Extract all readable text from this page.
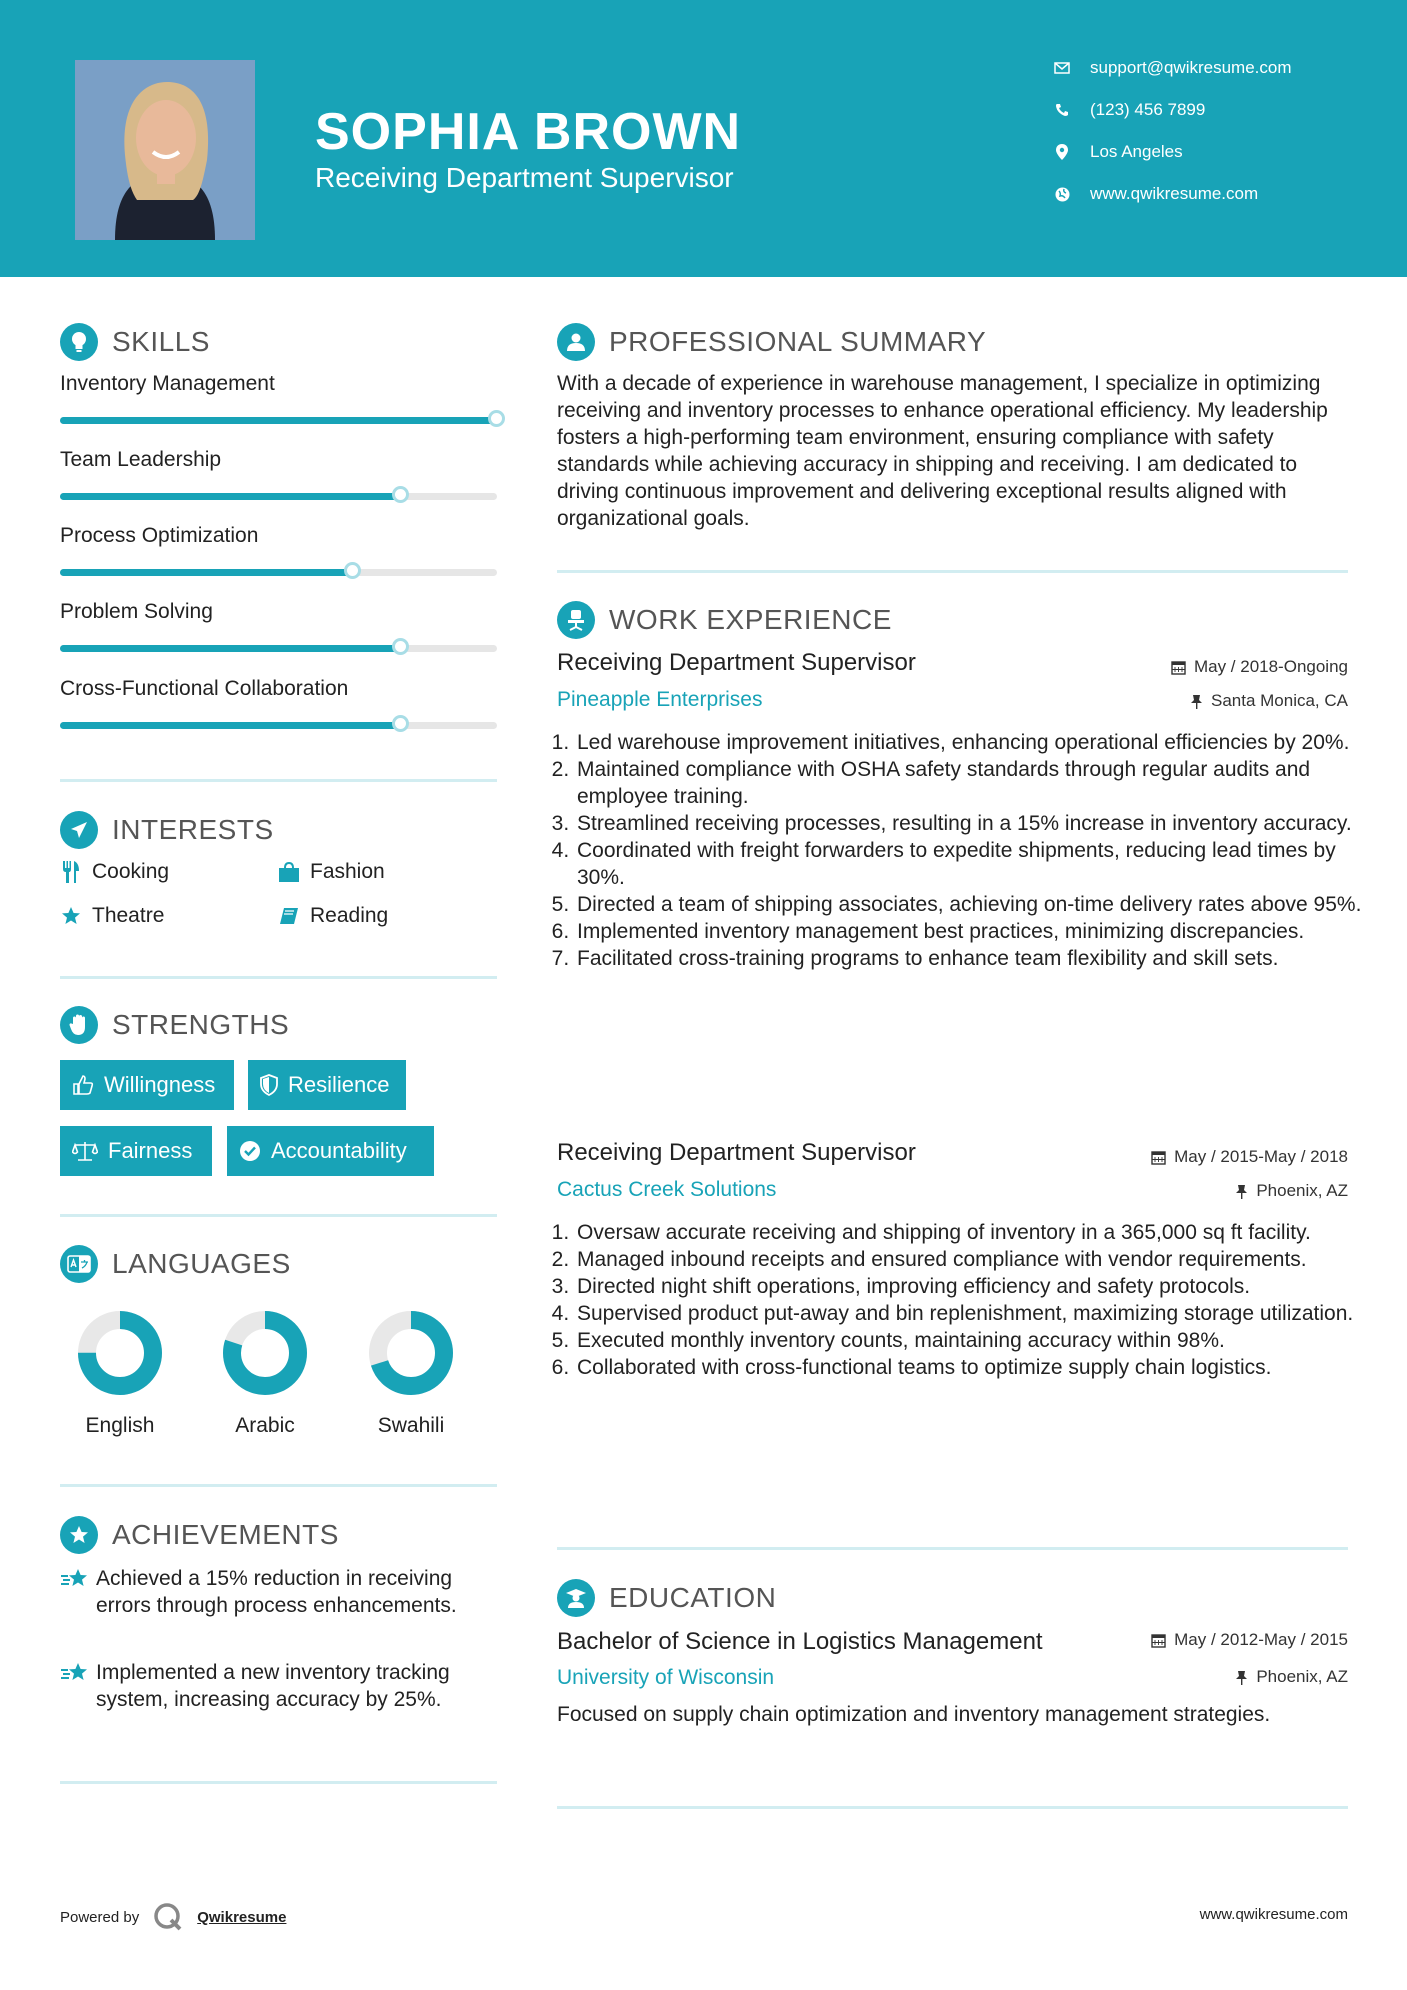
SOPHIA BROWN
Receiving Department Supervisor
support@qwikresume.com
(123) 456 7899
Los Angeles
www.qwikresume.com
SKILLS
Inventory Management
Team Leadership
Process Optimization
Problem Solving
Cross-Functional Collaboration
INTERESTS
Cooking	Fashion
Theatre	Reading
STRENGTHS
Willingness	Resilience
Fairness	Accountability
LANGUAGES
English	Arabic	Swahili
ACHIEVEMENTS
Achieved a 15% reduction in receiving errors through process enhancements.
Implemented a new inventory tracking system, increasing accuracy by 25%.
PROFESSIONAL SUMMARY
With a decade of experience in warehouse management, I specialize in optimizing receiving and inventory processes to enhance operational efficiency. My leadership fosters a high-performing team environment, ensuring compliance with safety standards while achieving accuracy in shipping and receiving. I am dedicated to driving continuous improvement and delivering exceptional results aligned with organizational goals.
WORK EXPERIENCE
Receiving Department Supervisor	May / 2018-Ongoing
Pineapple Enterprises	Santa Monica, CA
1. Led warehouse improvement initiatives, enhancing operational efficiencies by 20%.
2. Maintained compliance with OSHA safety standards through regular audits and employee training.
3. Streamlined receiving processes, resulting in a 15% increase in inventory accuracy.
4. Coordinated with freight forwarders to expedite shipments, reducing lead times by 30%.
5. Directed a team of shipping associates, achieving on-time delivery rates above 95%.
6. Implemented inventory management best practices, minimizing discrepancies.
7. Facilitated cross-training programs to enhance team flexibility and skill sets.
Receiving Department Supervisor	May / 2015-May / 2018
Cactus Creek Solutions	Phoenix, AZ
1. Oversaw accurate receiving and shipping of inventory in a 365,000 sq ft facility.
2. Managed inbound receipts and ensured compliance with vendor requirements.
3. Directed night shift operations, improving efficiency and safety protocols.
4. Supervised product put-away and bin replenishment, maximizing storage utilization.
5. Executed monthly inventory counts, maintaining accuracy within 98%.
6. Collaborated with cross-functional teams to optimize supply chain logistics.
EDUCATION
Bachelor of Science in Logistics Management	May / 2012-May / 2015
University of Wisconsin	Phoenix, AZ
Focused on supply chain optimization and inventory management strategies.
Powered by	Qwikresume	www.qwikresume.com
